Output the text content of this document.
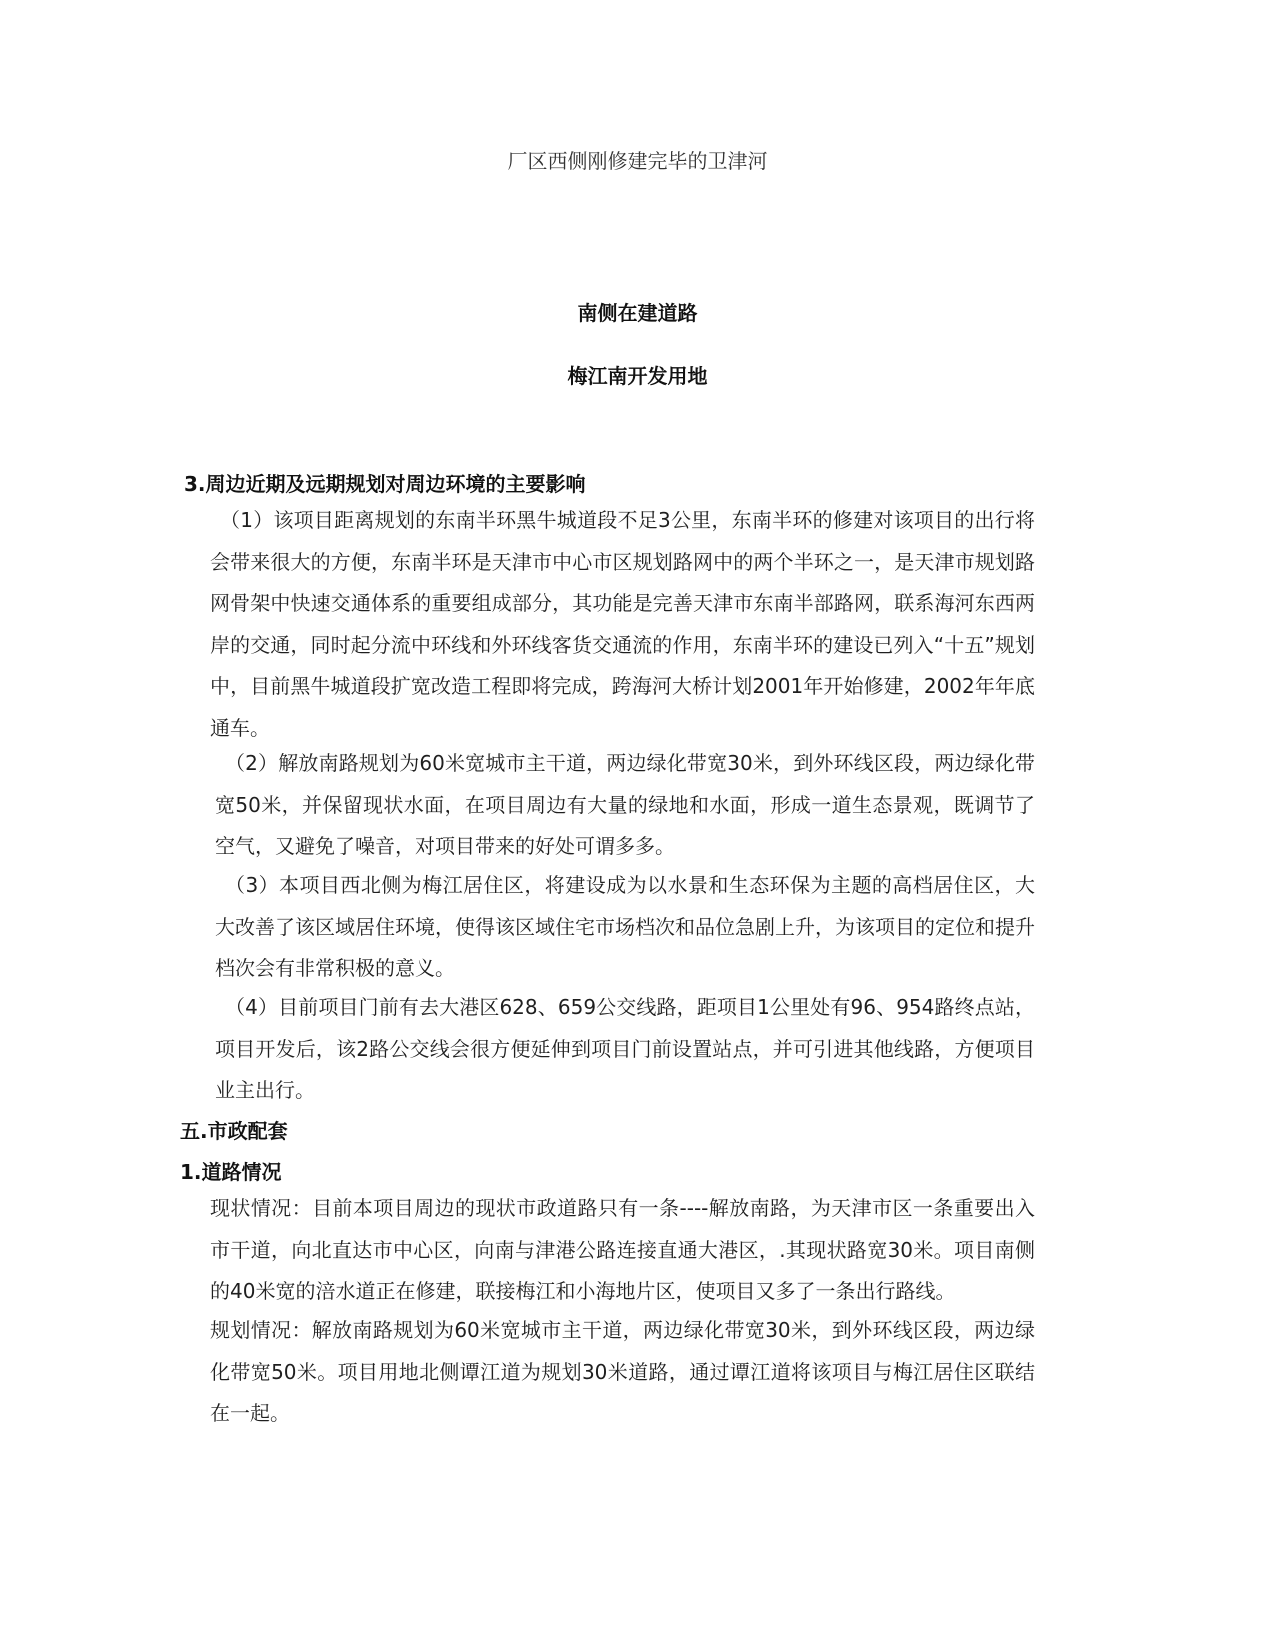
厂区西侧刚修建完毕的卫津河
南侧在建道路
梅江南开发用地
3.周边近期及远期规划对周边环境的主要影响
（1）该项目距离规划的东南半环黑牛城道段不足3公里，东南半环的修建对该项目的出行将会带来很大的方便，东南半环是天津市中心市区规划路网中的两个半环之一，是天津市规划路网骨架中快速交通体系的重要组成部分，其功能是完善天津市东南半部路网，联系海河东西两岸的交通，同时起分流中环线和外环线客货交通流的作用，东南半环的建设已列入“十五”规划中，目前黑牛城道段扩宽改造工程即将完成，跨海河大桥计划2001年开始修建，2002年年底通车。
（2）解放南路规划为60米宽城市主干道，两边绿化带宽30米，到外环线区段，两边绿化带宽50米，并保留现状水面，在项目周边有大量的绿地和水面，形成一道生态景观，既调节了空气，又避免了噪音，对项目带来的好处可谓多多。
（3）本项目西北侧为梅江居住区，将建设成为以水景和生态环保为主题的高档居住区，大大改善了该区域居住环境，使得该区域住宅市场档次和品位急剧上升，为该项目的定位和提升档次会有非常积极的意义。
（4）目前项目门前有去大港区628、659公交线路，距项目1公里处有96、954路终点站，项目开发后，该2路公交线会很方便延伸到项目门前设置站点，并可引进其他线路，方便项目业主出行。
五.市政配套
1.道路情况
现状情况：目前本项目周边的现状市政道路只有一条----解放南路，为天津市区一条重要出入市干道，向北直达市中心区，向南与津港公路连接直通大港区，.其现状路宽30米。项目南侧的40米宽的涪水道正在修建，联接梅江和小海地片区，使项目又多了一条出行路线。
规划情况：解放南路规划为60米宽城市主干道，两边绿化带宽30米，到外环线区段，两边绿化带宽50米。项目用地北侧谭江道为规划30米道路，通过谭江道将该项目与梅江居住区联结在一起。
